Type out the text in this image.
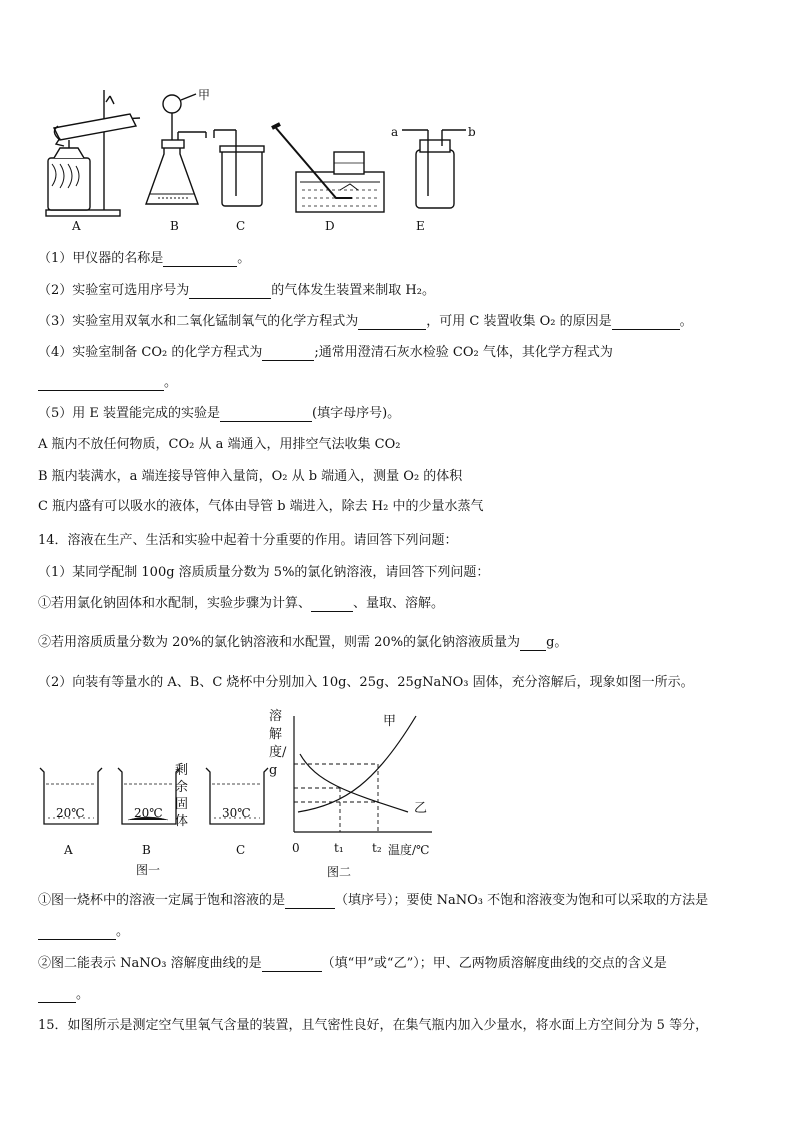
甲
a	b
A	B	C	D	E
（1）甲仪器的名称是	。
（2）实验室可选用序号为	的气体发生装置来制取 H₂。
（3）实验室用双氧水和二氧化锰制氧气的化学方程式为	，可用 C 装置收集 O₂ 的原因是	。
（4）实验室制备 CO₂ 的化学方程式为	;通常用澄清石灰水检验 CO₂ 气体，其化学方程式为
。
（5）用 E 装置能完成的实验是	(填字母序号)。
A 瓶内不放任何物质，CO₂ 从 a 端通入，用排空气法收集 CO₂
B 瓶内装满水，a 端连接导管伸入量筒，O₂ 从 b 端通入，测量 O₂ 的体积
C 瓶内盛有可以吸水的液体，气体由导管 b 端进入，除去 H₂ 中的少量水蒸气
14．溶液在生产、生活和实验中起着十分重要的作用。请回答下列问题：
（1）某同学配制 100g 溶质质量分数为 5%的氯化钠溶液，请回答下列问题：
①若用氯化钠固体和水配制，实验步骤为计算、	、量取、溶解。
②若用溶质质量分数为 20%的氯化钠溶液和水配置，则需 20%的氯化钠溶液质量为 g。
（2）向装有等量水的 A、B、C 烧杯中分别加入 10g、25g、25gNaNO₃ 固体，充分溶解后，现象如图一所示。
20℃	20℃	30℃
剩余固体
A	B	C
图一
溶解度/g
甲
乙
0	t₁ t₂ 温度/℃
图二
①图一烧杯中的溶液一定属于饱和溶液的是	（填序号）；要使 NaNO₃ 不饱和溶液变为饱和可以采取的方法是
。
②图二能表示 NaNO₃ 溶解度曲线的是	（填“甲”或“乙”）；甲、乙两物质溶解度曲线的交点的含义是
。
15．如图所示是测定空气里氧气含量的装置，且气密性良好，在集气瓶内加入少量水，将水面上方空间分为 5 等分，
